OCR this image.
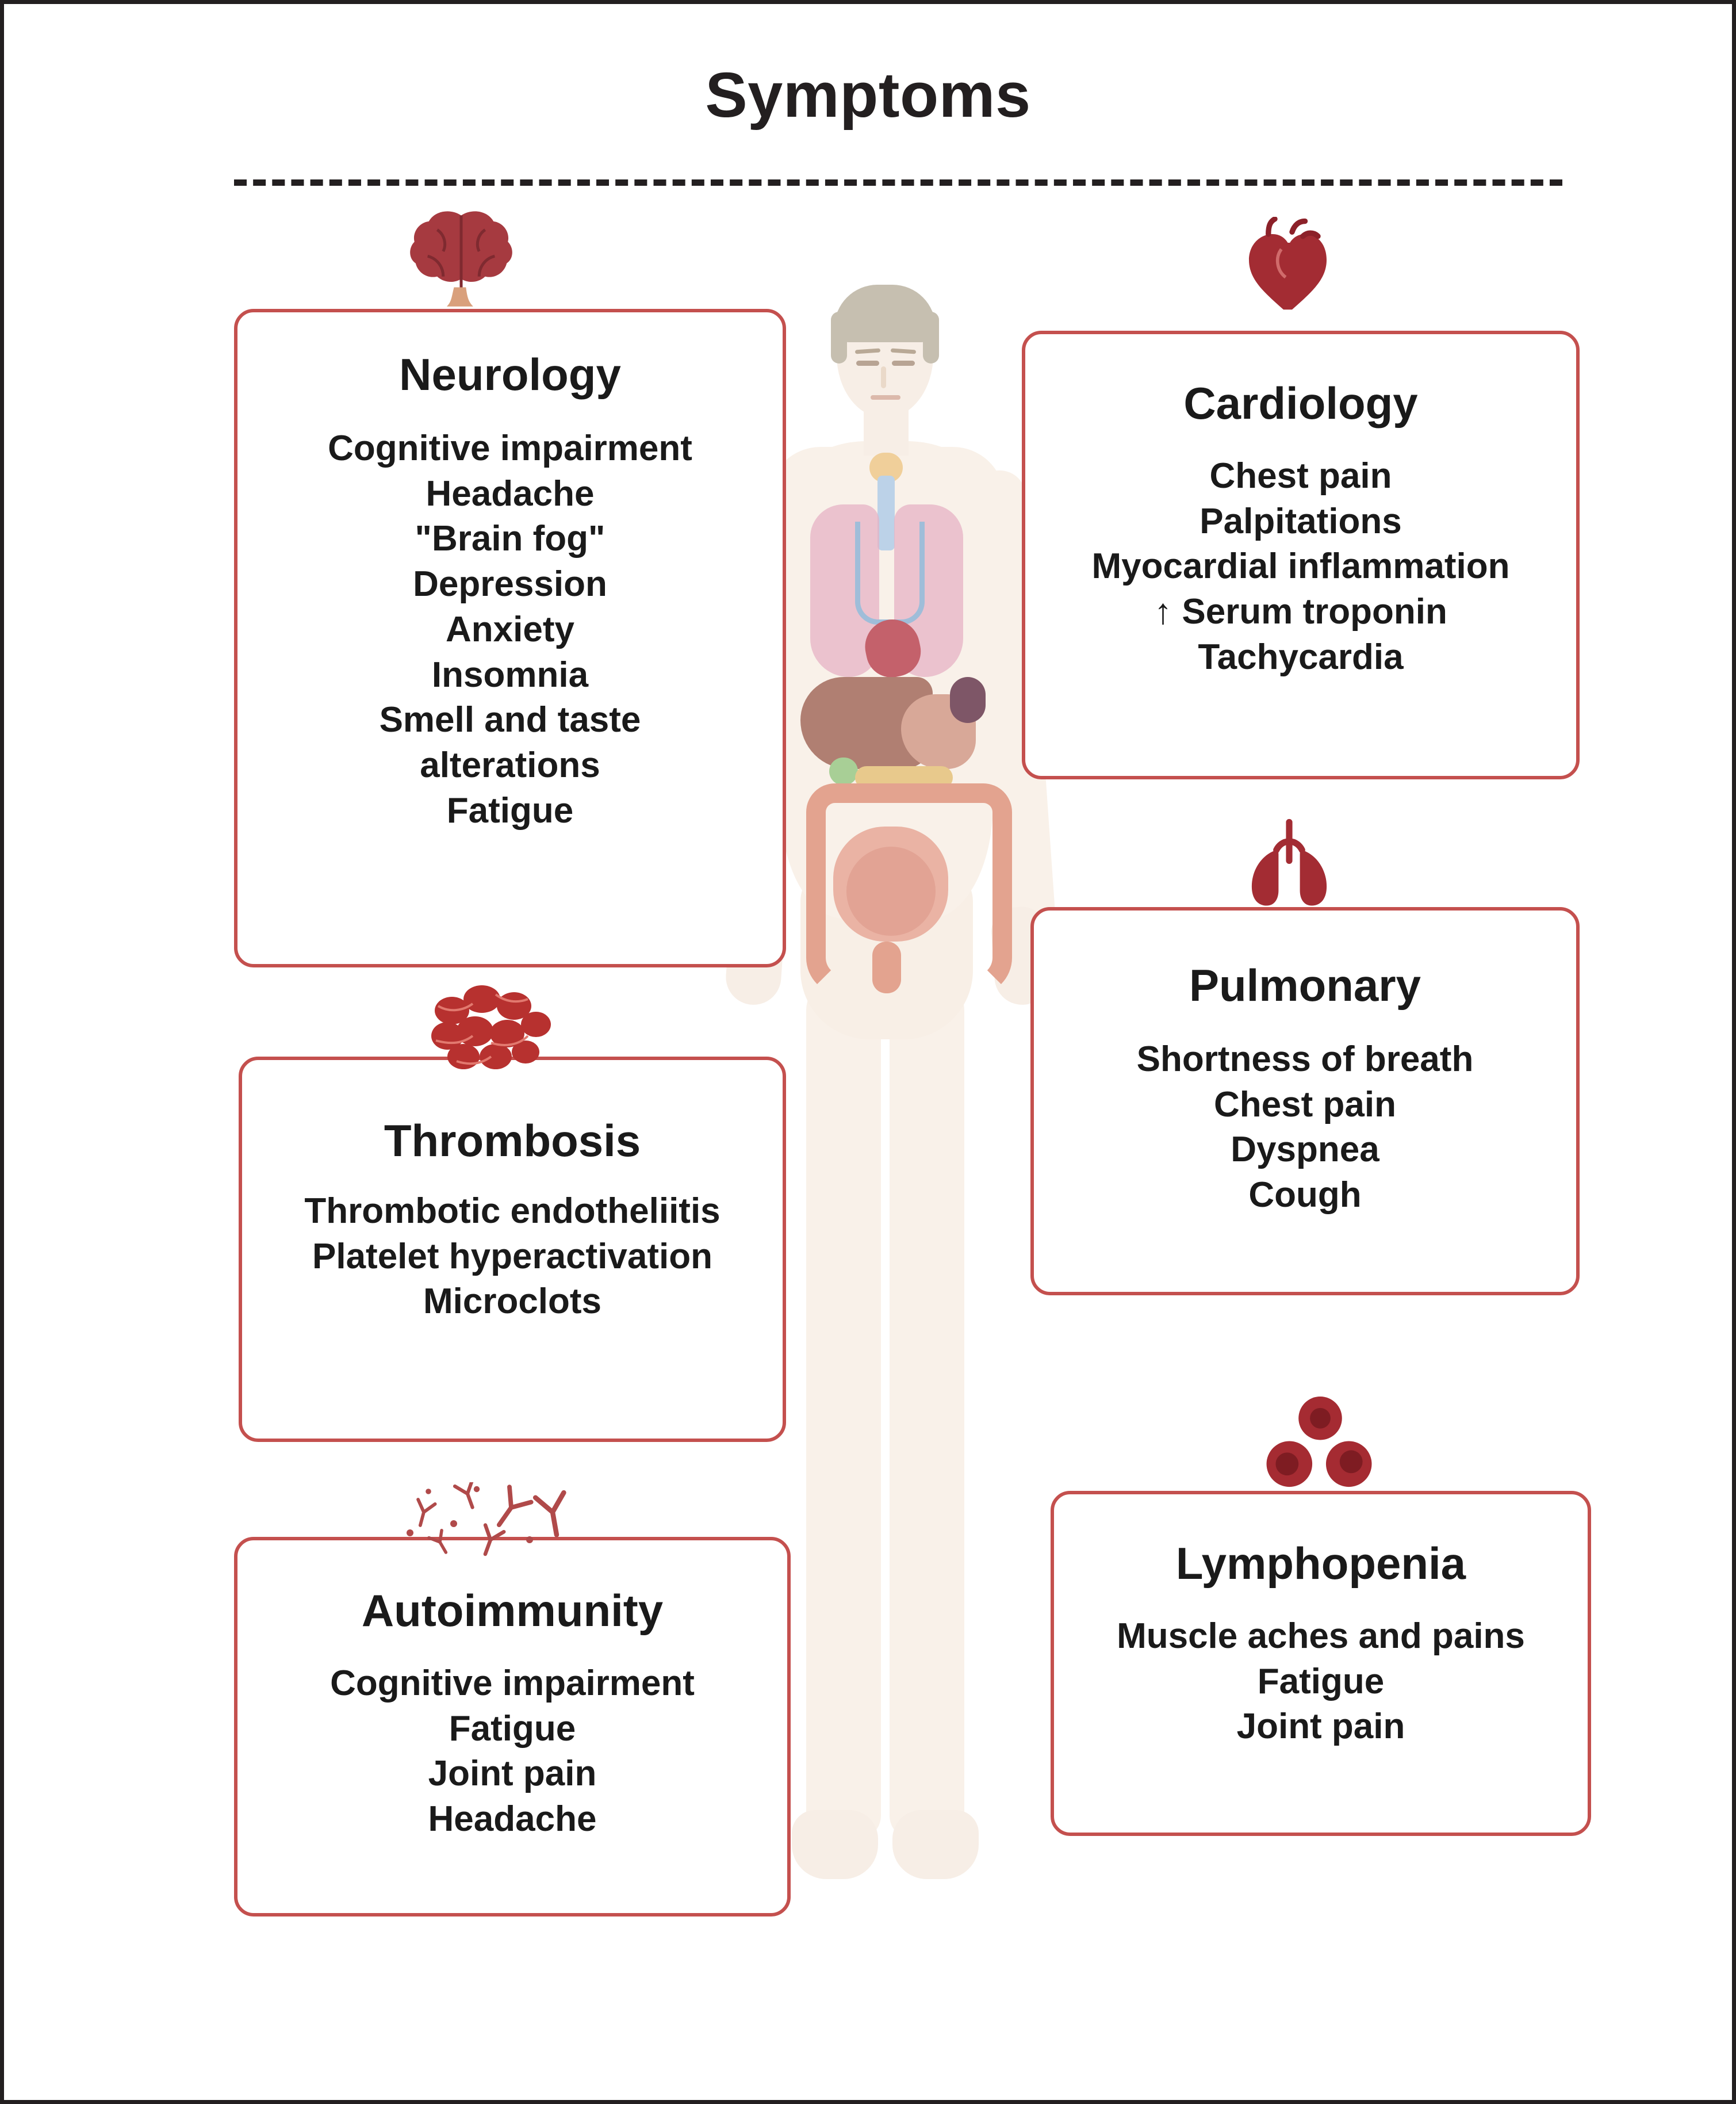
Symptoms
Neurology
Cognitive impairment
Headache
"Brain fog"
Depression
Anxiety
Insomnia
Smell and taste
alterations
Fatigue
Thrombosis
Thrombotic endotheliitis
Platelet hyperactivation
Microclots
Autoimmunity
Cognitive impairment
Fatigue
Joint pain
Headache
Cardiology
Chest pain
Palpitations
Myocardial inflammation
↑ Serum troponin
Tachycardia
Pulmonary
Shortness of breath
Chest pain
Dyspnea
Cough
Lymphopenia
Muscle aches and pains
Fatigue
Joint pain
